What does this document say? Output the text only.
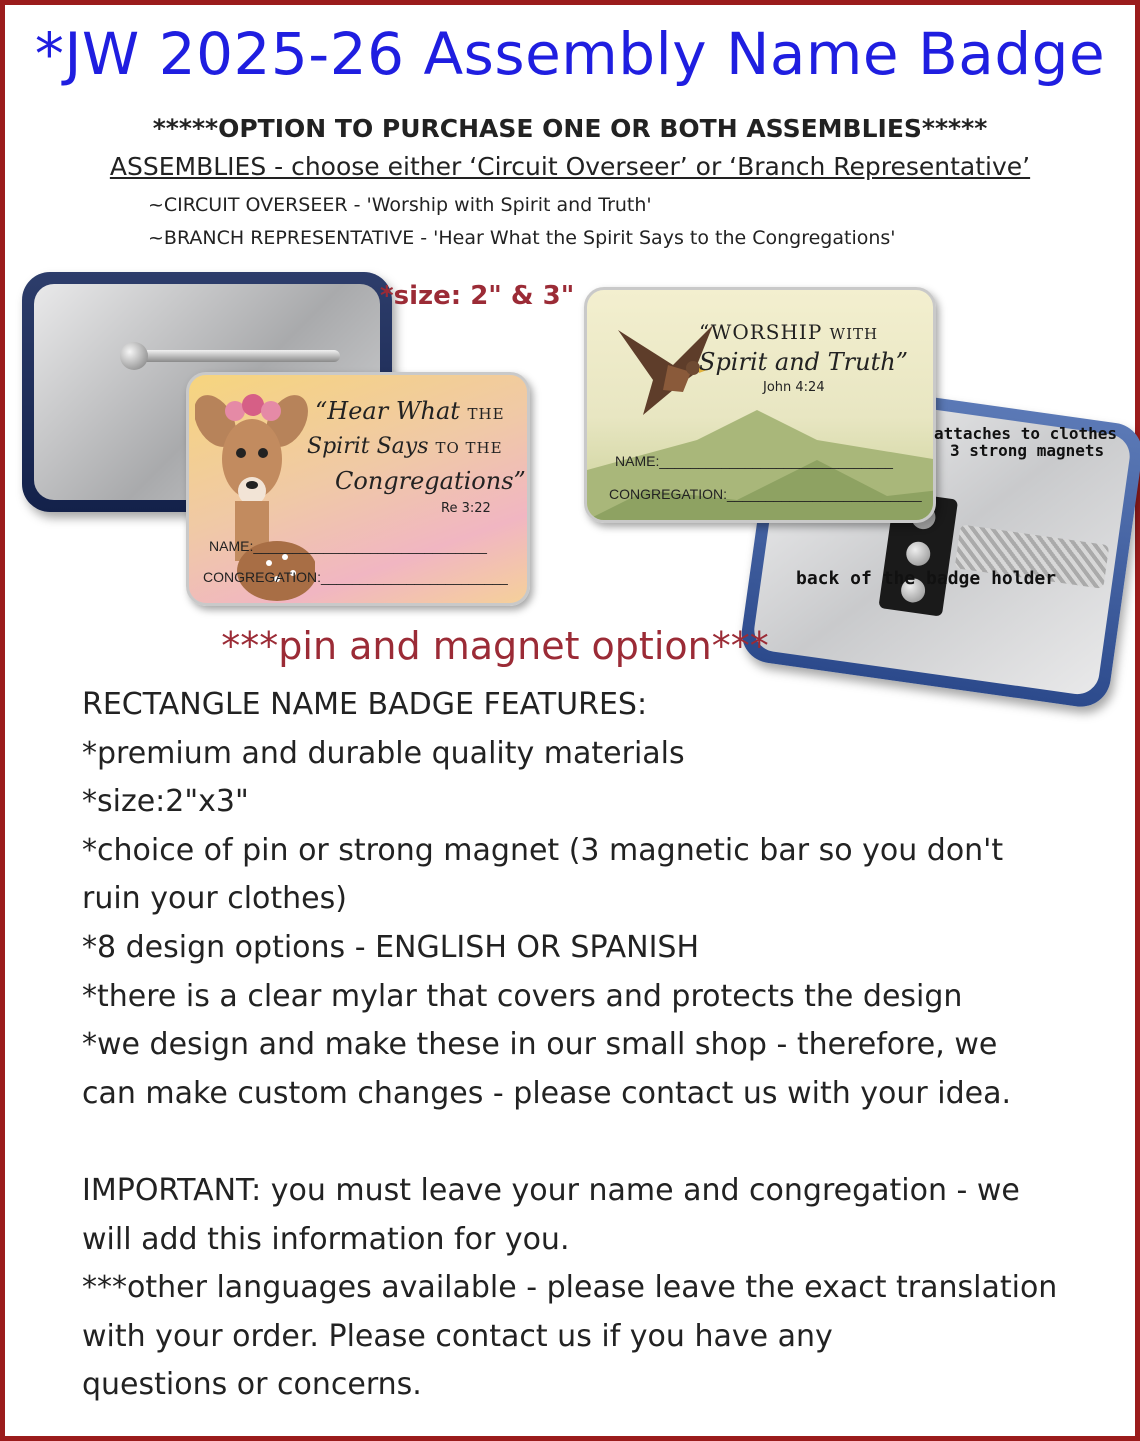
*JW 2025-26 Assembly Name Badge
*****OPTION TO PURCHASE ONE OR BOTH ASSEMBLIES*****
ASSEMBLIES - choose either ‘Circuit Overseer’ or ‘Branch Representative’
~CIRCUIT OVERSEER - 'Worship with Spirit and Truth'
~BRANCH REPRESENTATIVE - 'Hear What the Spirit Says to the Congregations'
*size: 2" & 3"
“Hear What THE
Spirit Says TO THE
Congregations”
Re 3:22
NAME:______________________________
CONGREGATION:________________________
“WORSHIP WITH
Spirit and Truth”
John 4:24
NAME:______________________________
CONGREGATION:_________________________
attaches to clothes
3 strong magnets
back of the badge holder
***pin and magnet option***
RECTANGLE NAME BADGE FEATURES:
*premium and durable quality materials
*size:2"x3"
*choice of pin or strong magnet (3 magnetic bar so you don't
ruin your clothes)
*8 design options - ENGLISH OR SPANISH
*there is a clear mylar that covers and protects the design
*we design and make these in our small shop - therefore, we
can make custom changes - please contact us with your idea.
IMPORTANT: you must leave your name and congregation - we
will add this information for you.
***other languages available - please leave the exact translation
with your order. Please contact us if you have any
questions or concerns.
